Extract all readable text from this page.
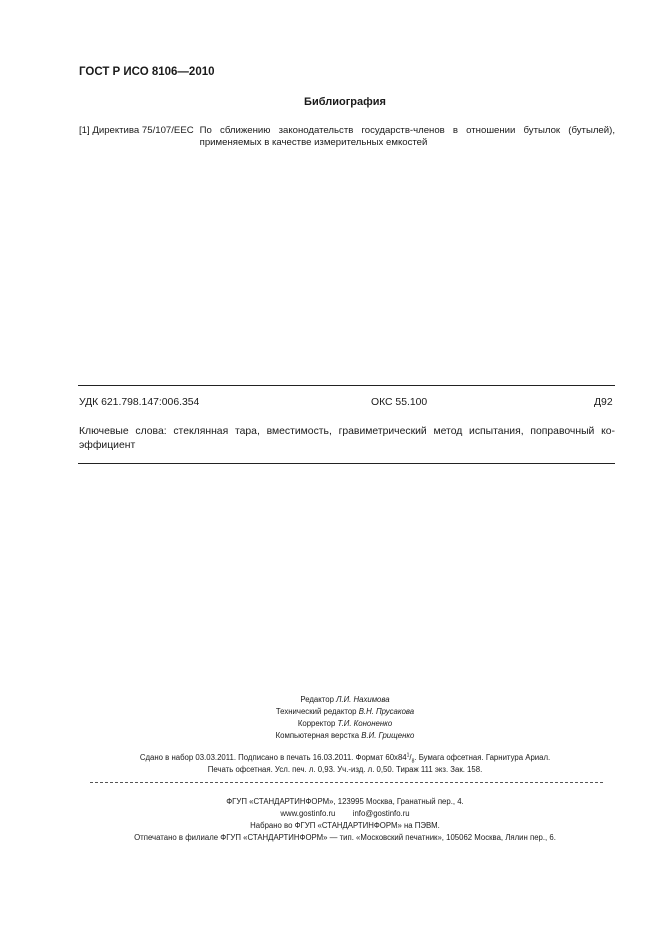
ГОСТ Р ИСО 8106—2010
Библиография
[1] Директива 75/107/ЕЕС По сближению законодательств государств-членов в отношении бутылок (бутылей), применяемых в качестве измерительных емкостей
УДК 621.798.147:006.354	ОКС 55.100	Д92
Ключевые слова: стеклянная тара, вместимость, гравиметрический метод испытания, поправочный ко-эффициент
Редактор Л.И. Нахимова
Технический редактор В.Н. Прусакова
Корректор Т.И. Кононенко
Компьютерная верстка В.И. Грищенко
Сдано в набор 03.03.2011. Подписано в печать 16.03.2011. Формат $60x84^1/_8$. Бумага офсетная. Гарнитура Ариал.
Печать офсетная. Усл. печ. л. 0,93. Уч.-изд. л. 0,50. Тираж 111 экз. Зак. 158.
ФГУП «СТАНДАРТИНФОРМ», 123995 Москва, Гранатный пер., 4.
www.gostinfo.ru info@gostinfo.ru
Набрано во ФГУП «СТАНДАРТИНФОРМ» на ПЭВМ.
Отпечатано в филиале ФГУП «СТАНДАРТИНФОРМ» — тип. «Московский печатник», 105062 Москва, Лялин пер., 6.
